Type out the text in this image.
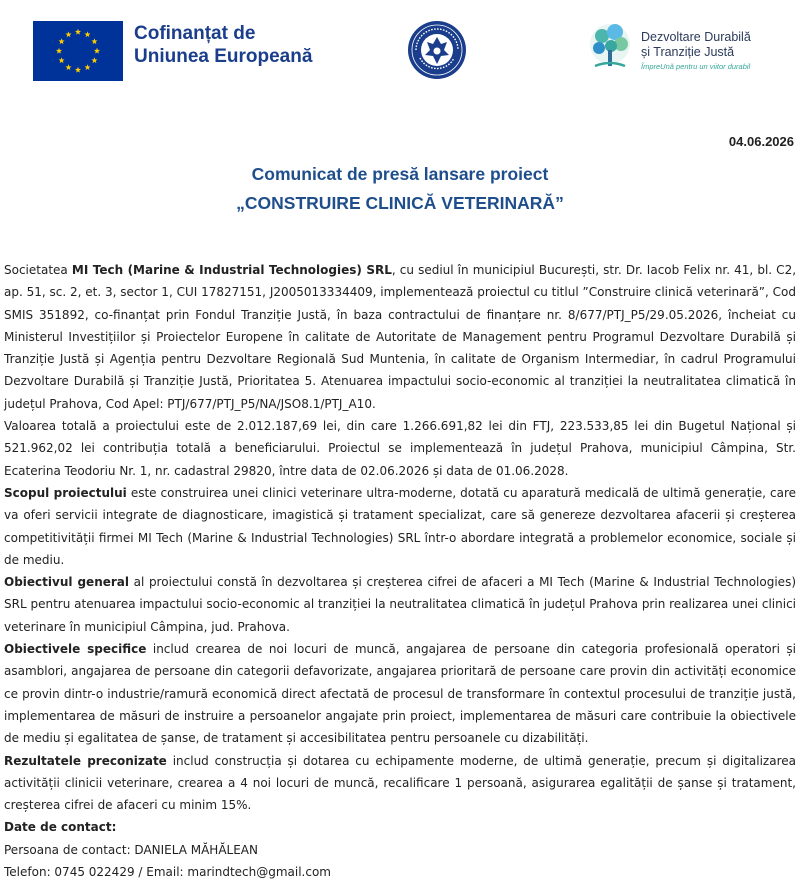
Cofinanțat de
Uniunea Europeană
Dezvoltare Durabilă
și Tranziție Justă
ÎmpreUnă pentru un viitor durabil
04.06.2026
Comunicat de presă lansare proiect
„CONSTRUIRE CLINICĂ VETERINARĂ”

Societatea MI Tech (Marine & Industrial Technologies) SRL, cu sediul în municipiul București, str. Dr. Iacob Felix nr. 41, bl. C2, ap. 51, sc. 2, et. 3, sector 1, CUI 17827151, J2005013334409, implementează proiectul cu titlul ”Construire clinică veterinară”, Cod SMIS 351892, co-finanțat prin Fondul Tranziție Justă, în baza contractului de finanțare nr. 8/677/PTJ_P5/29.05.2026, încheiat cu Ministerul Investițiilor și Proiectelor Europene în calitate de Autoritate de Management pentru Programul Dezvoltare Durabilă și Tranziție Justă și Agenția pentru Dezvoltare Regională Sud Muntenia, în calitate de Organism Intermediar, în cadrul Programului Dezvoltare Durabilă și Tranziție Justă, Prioritatea 5. Atenuarea impactului socio-economic al tranziției la neutralitatea climatică în județul Prahova, Cod Apel: PTJ/677/PTJ_P5/NA/JSO8.1/PTJ_A10.

Valoarea totală a proiectului este de 2.012.187,69 lei, din care 1.266.691,82 lei din FTJ, 223.533,85 lei din Bugetul Național și 521.962,02 lei contribuția totală a beneficiarului. Proiectul se implementează în județul Prahova, municipiul Câmpina, Str. Ecaterina Teodoriu Nr. 1, nr. cadastral 29820, între data de 02.06.2026 și data de 01.06.2028.

Scopul proiectului este construirea unei clinici veterinare ultra-moderne, dotată cu aparatură medicală de ultimă generație, care va oferi servicii integrate de diagnosticare, imagistică și tratament specializat, care să genereze dezvoltarea afacerii și creșterea competitivității firmei MI Tech (Marine & Industrial Technologies) SRL într-o abordare integrată a problemelor economice, sociale și de mediu.

Obiectivul general al proiectului constă în dezvoltarea și creșterea cifrei de afaceri a MI Tech (Marine & Industrial Technologies) SRL pentru atenuarea impactului socio-economic al tranziției la neutralitatea climatică în județul Prahova prin realizarea unei clinici veterinare în municipiul Câmpina, jud. Prahova.

Obiectivele specifice includ crearea de noi locuri de muncă, angajarea de persoane din categoria profesională operatori și asamblori, angajarea de persoane din categorii defavorizate, angajarea prioritară de persoane care provin din activități economice ce provin dintr-o industrie/ramură economică direct afectată de procesul de transformare în contextul procesului de tranziție justă, implementarea de măsuri de instruire a persoanelor angajate prin proiect, implementarea de măsuri care contribuie la obiectivele de mediu și egalitatea de șanse, de tratament și accesibilitatea pentru persoanele cu dizabilități.

Rezultatele preconizate includ construcția și dotarea cu echipamente moderne, de ultimă generație, precum și digitalizarea activității clinicii veterinare, crearea a 4 noi locuri de muncă, recalificare 1 persoană, asigurarea egalității de șanse și tratament, creșterea cifrei de afaceri cu minim 15%.

Date de contact:

Persoana de contact: DANIELA MĂHĂLEAN

Telefon: 0745 022429 / Email: marindtech@gmail.com
